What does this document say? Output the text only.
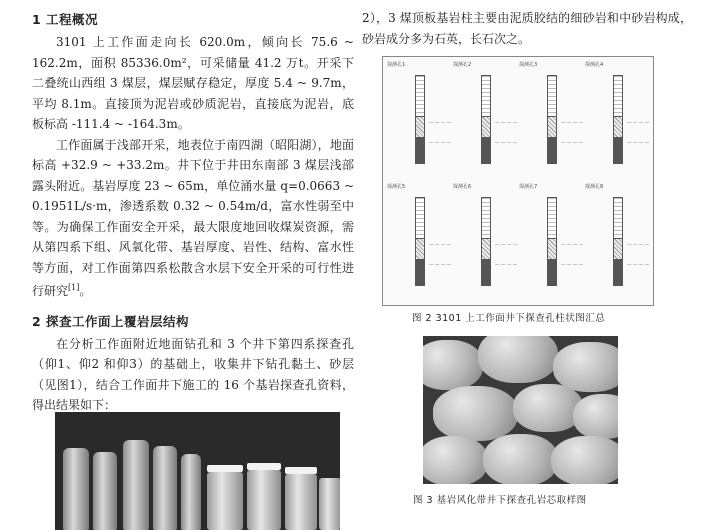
1 工程概况

3101 上工作面走向长 620.0m，倾向长 75.6 ~ 162.2m，面积 85336.0m²，可采储量 41.2 万t。开采下二叠统山西组 3 煤层，煤层赋存稳定，厚度 5.4 ~ 9.7m，平均 8.1m。直接顶为泥岩或砂质泥岩，直接底为泥岩，底板标高 -111.4 ~ -164.3m。

工作面属于浅部开采，地表位于南四湖（昭阳湖），地面标高 +32.9 ~ +33.2m。井下位于井田东南部 3 煤层浅部露头附近。基岩厚度 23 ~ 65m，单位涌水量 q=0.0663 ~ 0.1951L/s·m，渗透系数 0.32 ~ 0.54m/d，富水性弱至中等。为确保工作面安全开采，最大限度地回收煤炭资源，需从第四系下组、风氧化带、基岩厚度、岩性、结构、富水性等方面，对工作面第四系松散含水层下安全开采的可行性进行研究[1]。

2 探查工作面上覆岩层结构

在分析工作面附近地面钻孔和 3 个井下第四系探查孔（仰1、仰2 和仰3）的基础上，收集井下钻孔黏土、砂层（见图1），结合工作面井下施工的 16 个基岩探查孔资料，得出结果如下：

2），3 煤顶板基岩柱主要由泥质胶结的细砂岩和中砂岩构成，砂岩成分多为石英，长石次之。

探测孔1
— — — —
— — — —
探测孔2
— — — —
— — — —
探测孔3
— — — —
— — — —
探测孔4
— — — —
— — — —
探测孔5
— — — —
— — — —
探测孔6
— — — —
— — — —
探测孔7
— — — —
— — — —
探测孔8
— — — —
— — — —
图 2 3101 上工作面井下探查孔柱状图汇总
图 3 基岩风化带井下探查孔岩芯取样图
